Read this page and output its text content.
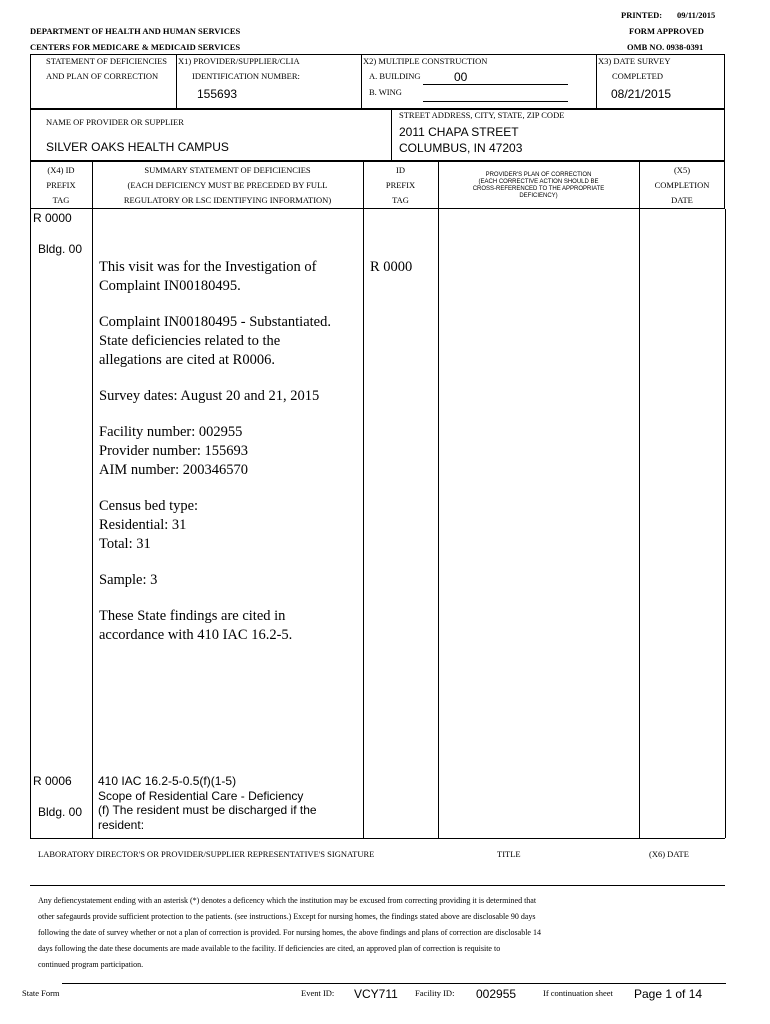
PRINTED: 09/11/2015
DEPARTMENT OF HEALTH AND HUMAN SERVICES	FORM APPROVED
CENTERS FOR MEDICARE & MEDICAID SERVICES	OMB NO. 0938-0391
STATEMENT OF DEFICIENCIES
AND PLAN OF CORRECTION
X1) PROVIDER/SUPPLIER/CLIA
IDENTIFICATION NUMBER:
155693
X2) MULTIPLE CONSTRUCTION
A. BUILDING	00
B. WING
X3) DATE SURVEY
COMPLETED
08/21/2015
NAME OF PROVIDER OR SUPPLIER
SILVER OAKS HEALTH CAMPUS
STREET ADDRESS, CITY, STATE, ZIP CODE
2011 CHAPA STREET
COLUMBUS, IN 47203
(X4) ID
PREFIX
TAG
SUMMARY STATEMENT OF DEFICIENCIES
(EACH DEFICIENCY MUST BE PRECEDED BY FULL
REGULATORY OR LSC IDENTIFYING INFORMATION)
ID
PREFIX
TAG
PROVIDER'S PLAN OF CORRECTION
(EACH CORRECTIVE ACTION SHOULD BE
CROSS-REFERENCED TO THE APPROPRIATE
DEFICIENCY)
(X5)
COMPLETION
DATE
R 0000
Bldg. 00
R 0000

This visit was for the Investigation of
Complaint IN00180495.

Complaint IN00180495 - Substantiated.
State deficiencies related to the
allegations are cited at R0006.

Survey dates: August 20 and 21, 2015

Facility number: 002955
Provider number: 155693
AIM number: 200346570

Census bed type:
Residential: 31
Total: 31

Sample: 3

These State findings are cited in
accordance with 410 IAC 16.2-5.

R 0006
Bldg. 00
410 IAC 16.2-5-0.5(f)(1-5)
Scope of Residential Care - Deficiency
(f) The resident must be discharged if the
resident:
LABORATORY DIRECTOR'S OR PROVIDER/SUPPLIER REPRESENTATIVE'S SIGNATURE	TITLE	(X6) DATE
Any defiencystatement ending with an asterisk (*) denotes a deficency which the institution may be excused from correcting providing it is determined that
other safegaurds provide sufficient protection to the patients. (see instructions.) Except for nursing homes, the findings stated above are disclosable 90 days
following the date of survey whether or not a plan of correction is provided. For nursing homes, the above findings and plans of correction are disclosable 14
days following the date these documents are made available to the facility. If deficiencies are cited, an approved plan of correction is requisite to
continued program participation.
State Form	Event ID: VCY711 Facility ID: 002955	If continuation sheet Page 1 of 14
